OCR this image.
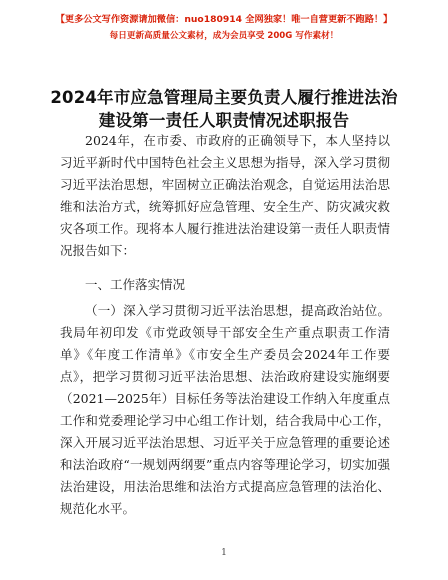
【更多公文写作资源请加微信：nuo180914 全网独家！唯一自营更新不跑路！】
每日更新高质量公文素材，成为会员享受 200G 写作素材！
2024年市应急管理局主要负责人履行推进法治
建设第一责任人职责情况述职报告

2024年，在市委、市政府的正确领导下，本人坚持以习近平新时代中国特色社会主义思想为指导，深入学习贯彻习近平法治思想，牢固树立正确法治观念，自觉运用法治思维和法治方式，统筹抓好应急管理、安全生产、防灾减灾救灾各项工作。现将本人履行推进法治建设第一责任人职责情况报告如下：

一、工作落实情况

（一）深入学习贯彻习近平法治思想，提高政治站位。我局年初印发《市党政领导干部安全生产重点职责工作清单》《年度工作清单》《市安全生产委员会2024年工作要点》，把学习贯彻习近平法治思想、法治政府建设实施纲要（2021—2025年）目标任务等法治建设工作纳入年度重点工作和党委理论学习中心组工作计划，结合我局中心工作，深入开展习近平法治思想、习近平关于应急管理的重要论述和法治政府“一规划两纲要”重点内容等理论学习，切实加强法治建设，用法治思维和法治方式提高应急管理的法治化、规范化水平。

1
